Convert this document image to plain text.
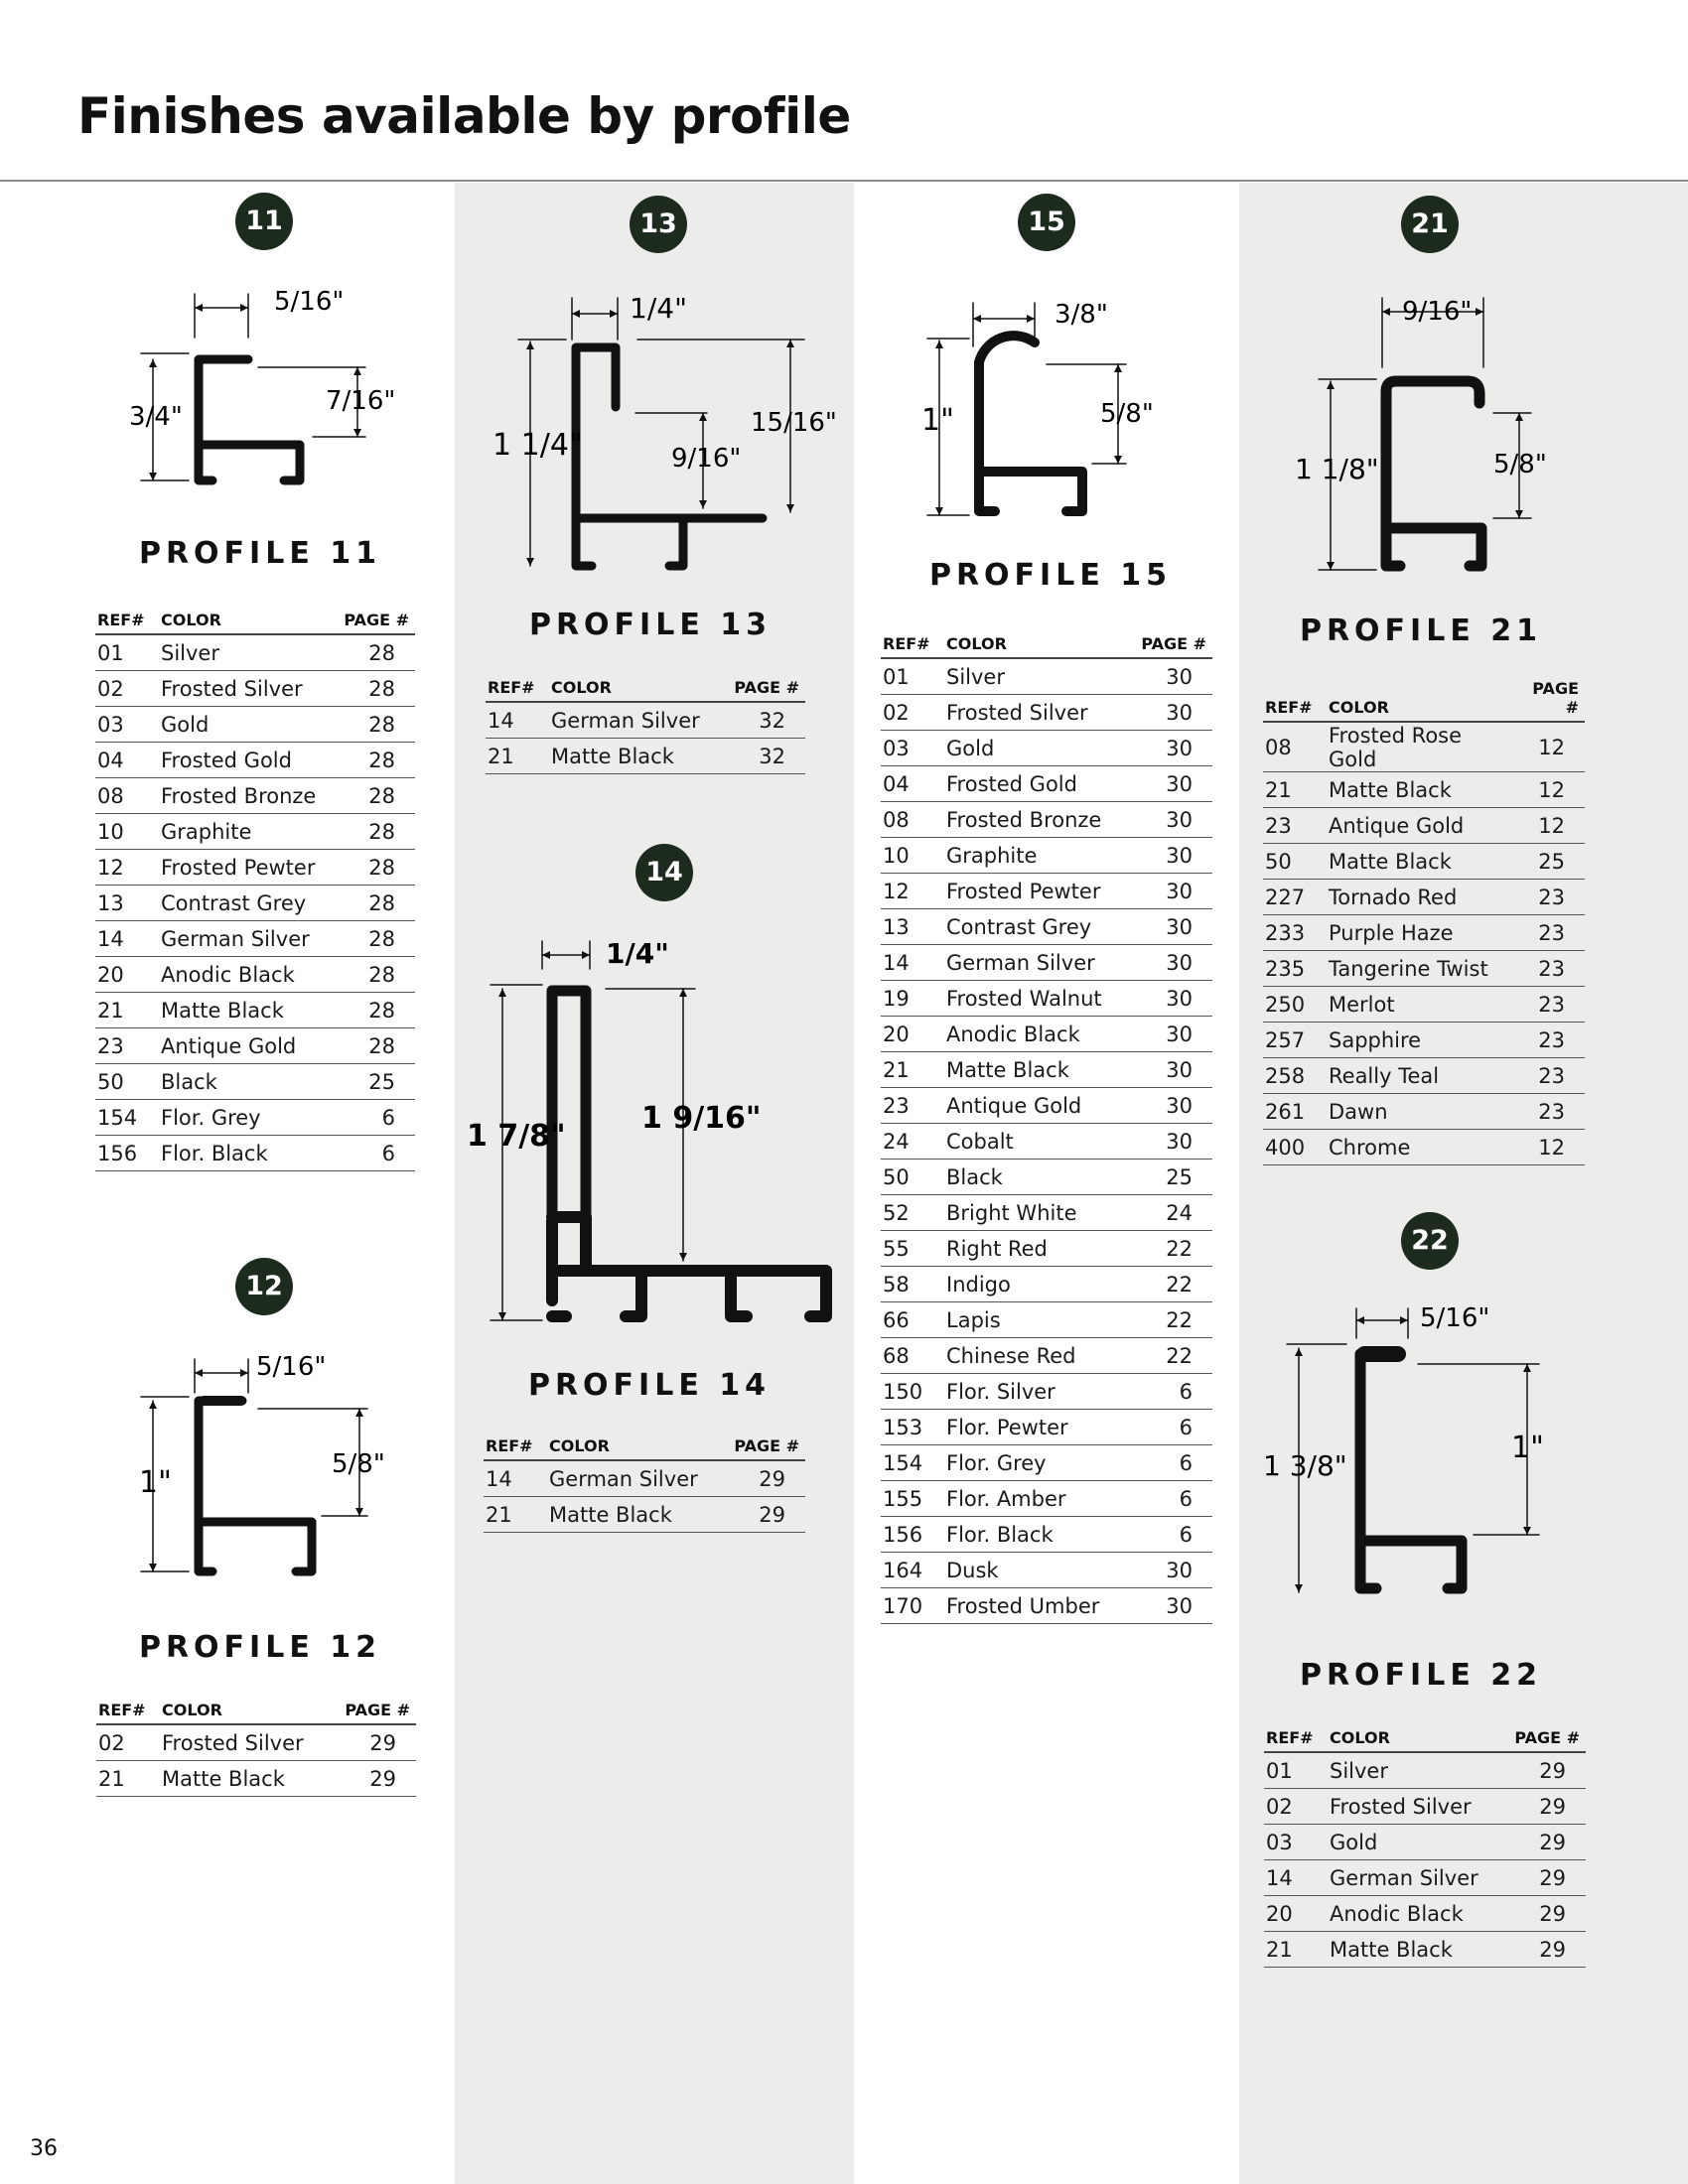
Finishes available by profile
11
5/16"
3/4"
7/16"
PROFILE 11
REF#	COLOR	PAGE #
01	Silver	28
02	Frosted Silver	28
03	Gold	28
04	Frosted Gold	28
08	Frosted Bronze	28
10	Graphite	28
12	Frosted Pewter	28
13	Contrast Grey	28
14	German Silver	28
20	Anodic Black	28
21	Matte Black	28
23	Antique Gold	28
50	Black	25
154	Flor. Grey	6
156	Flor. Black	6
12
5/16"
1"
5/8"
PROFILE 12
REF#	COLOR	PAGE #
02	Frosted Silver	29
21	Matte Black	29
13
1/4"
1 1/4"	9/16"
15/16"
PROFILE 13
REF#	COLOR	PAGE #
14	German Silver	32
21	Matte Black	32
14
1/4"
1 7/8"
1 9/16"
PROFILE 14
REF#	COLOR	PAGE #
14	German Silver	29
21	Matte Black	29
15
3/8"
1"	5/8"
PROFILE 15
REF#	COLOR	PAGE #
01	Silver	30
02	Frosted Silver	30
03	Gold	30
04	Frosted Gold	30
08	Frosted Bronze	30
10	Graphite	30
12	Frosted Pewter	30
13	Contrast Grey	30
14	German Silver	30
19	Frosted Walnut	30
20	Anodic Black	30
21	Matte Black	30
23	Antique Gold	30
24	Cobalt	30
50	Black	25
52	Bright White	24
55	Right Red	22
58	Indigo	22
66	Lapis	22
68	Chinese Red	22
150	Flor. Silver	6
153	Flor. Pewter	6
154	Flor. Grey	6
155	Flor. Amber	6
156	Flor. Black	6
164	Dusk	30
170	Frosted Umber	30
21
9/16"
1 1/8"	5/8"
PROFILE 21
REF#	COLOR	PAGE #
08	Frosted Rose Gold	12
21	Matte Black	12
23	Antique Gold	12
50	Matte Black	25
227	Tornado Red	23
233	Purple Haze	23
235	Tangerine Twist	23
250	Merlot	23
257	Sapphire	23
258	Really Teal	23
261	Dawn	23
400	Chrome	12
22
5/16"
1 3/8"
1"
PROFILE 22
REF#	COLOR	PAGE #
01	Silver	29
02	Frosted Silver	29
03	Gold	29
14	German Silver	29
20	Anodic Black	29
21	Matte Black	29
36
